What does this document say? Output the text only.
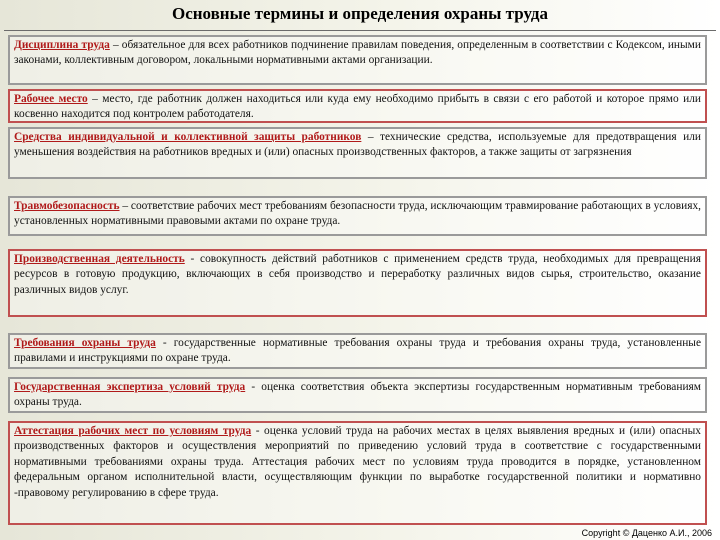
Основные термины и определения охраны труда
Дисциплина труда – обязательное для всех работников подчинение правилам поведения, определенным в соответствии с Кодексом, иными законами, коллективным договором, локальными нормативными актами организации.
Рабочее место – место, где работник должен находиться или куда ему необходимо прибыть в связи с его работой и которое прямо или косвенно находится под контролем работодателя.
Средства индивидуальной и коллективной защиты работников – технические средства, используемые для предотвращения или уменьшения воздействия на работников вредных и (или) опасных производственных факторов, а также защиты от загрязнения
Травмобезопасность – соответствие рабочих мест требованиям безопасности труда, исключающим травмирование работающих в условиях, установленных нормативными правовыми актами по охране труда.
Производственная деятельность - совокупность действий работников с применением средств труда, необходимых для превращения ресурсов в готовую продукцию, включающих в себя производство и переработку различных видов сырья, строительство, оказание различных видов услуг.
Требования охраны труда - государственные нормативные требования охраны труда и требования охраны труда, установленные правилами и инструкциями по охране труда.
Государственная экспертиза условий труда - оценка соответствия объекта экспертизы государственным нормативным требованиям охраны труда.
Аттестация рабочих мест по условиям труда - оценка условий труда на рабочих местах в целях выявления вредных и (или) опасных производственных факторов и осуществления мероприятий по приведению условий труда в соответствие с государственными нормативными требованиями охраны труда. Аттестация рабочих мест по условиям труда проводится в порядке, установленном федеральным органом исполнительной власти, осуществляющим функции по выработке государственной политики и нормативно -правовому регулированию в сфере труда.
Copyright © Даценко А.И., 2006
